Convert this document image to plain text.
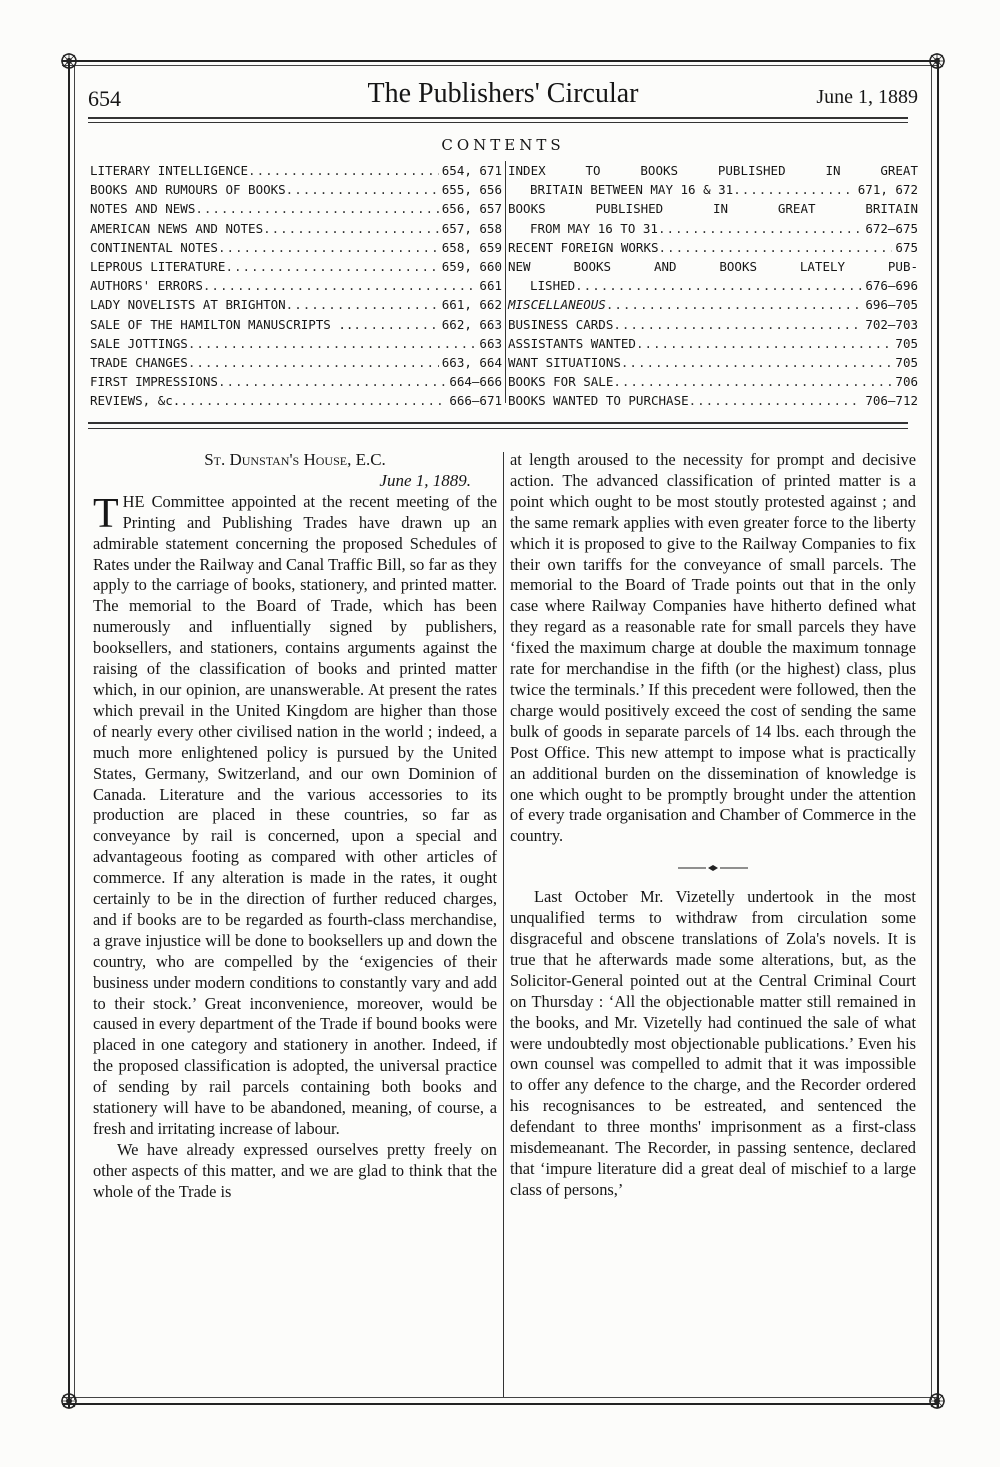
654	The Publishers' Circular	June 1, 1889
CONTENTS
LITERARY INTELLIGENCE .....	654, 671
BOOKS AND RUMOURS OF BOOKS .....	655, 656
NOTES AND NEWS .....	656, 657
AMERICAN NEWS AND NOTES .....	657, 658
CONTINENTAL NOTES .....	658, 659
LEPROUS LITERATURE .....	659, 660
AUTHORS' ERRORS .....	661
LADY NOVELISTS AT BRIGHTON .....	661, 662
SALE OF THE HAMILTON MANUSCRIPTS .. .....	662, 663
SALE JOTTINGS .....	663
TRADE CHANGES .....	663, 664
FIRST IMPRESSIONS .....	664—666
REVIEWS, &c. .....	666—671
INDEX TO BOOKS PUBLISHED IN GREAT
BRITAIN BETWEEN MAY 16 & 31 .....	671, 672
BOOKS PUBLISHED IN GREAT BRITAIN
FROM MAY 16 TO 31 .....	672—675
RECENT FOREIGN WORKS .....	675
NEW BOOKS AND BOOKS LATELY PUB-
LISHED .....	676—696
MISCELLANEOUS .....	696—705
BUSINESS CARDS .....	702—703
ASSISTANTS WANTED .....	705
WANT SITUATIONS .....	705
BOOKS FOR SALE .....	706
BOOKS WANTED TO PURCHASE .....	706—712

St. Dunstan's House, E.C.

June 1, 1889.

THE Committee appointed at the recent meeting of the Printing and Publishing Trades have drawn up an admirable statement concerning the proposed Schedules of Rates under the Railway and Canal Traffic Bill, so far as they apply to the carriage of books, stationery, and printed matter. The memorial to the Board of Trade, which has been numerously and influentially signed by publishers, booksellers, and stationers, contains arguments against the raising of the classification of books and printed matter which, in our opinion, are unanswerable. At present the rates which prevail in the United Kingdom are higher than those of nearly every other civilised nation in the world ; indeed, a much more enlightened policy is pursued by the United States, Germany, Switzerland, and our own Dominion of Canada. Literature and the various accessories to its production are placed in these countries, so far as conveyance by rail is concerned, upon a special and advantageous footing as compared with other articles of commerce. If any alteration is made in the rates, it ought certainly to be in the direction of further reduced charges, and if books are to be regarded as fourth-class merchandise, a grave injustice will be done to booksellers up and down the country, who are compelled by the ‘exigencies of their business under modern conditions to constantly vary and add to their stock.’ Great inconvenience, moreover, would be caused in every department of the Trade if bound books were placed in one category and stationery in another. Indeed, if the proposed classification is adopted, the universal practice of sending by rail parcels containing both books and stationery will have to be abandoned, meaning, of course, a fresh and irritating increase of labour.

We have already expressed ourselves pretty freely on other aspects of this matter, and we are glad to think that the whole of the Trade is

at length aroused to the necessity for prompt and decisive action. The advanced classification of printed matter is a point which ought to be most stoutly protested against ; and the same remark applies with even greater force to the liberty which it is proposed to give to the Railway Companies to fix their own tariffs for the conveyance of small parcels. The memorial to the Board of Trade points out that in the only case where Railway Companies have hitherto defined what they regard as a reasonable rate for small parcels they have ‘fixed the maximum charge at double the maximum tonnage rate for merchandise in the fifth (or the highest) class, plus twice the terminals.’ If this precedent were followed, then the charge would positively exceed the cost of sending the same bulk of goods in separate parcels of 14 lbs. each through the Post Office. This new attempt to impose what is practically an additional burden on the dissemination of knowledge is one which ought to be promptly brought under the attention of every trade organisation and Chamber of Commerce in the country.

Last October Mr. Vizetelly undertook in the most unqualified terms to withdraw from circulation some disgraceful and obscene translations of Zola's novels. It is true that he afterwards made some alterations, but, as the Solicitor-General pointed out at the Central Criminal Court on Thursday : ‘All the objectionable matter still remained in the books, and Mr. Vizetelly had continued the sale of what were undoubtedly most objectionable publications.’ Even his own counsel was compelled to admit that it was impossible to offer any defence to the charge, and the Recorder ordered his recognisances to be estreated, and sentenced the defendant to three months' imprisonment as a first-class misdemeanant. The Recorder, in passing sentence, declared that ‘impure literature did a great deal of mischief to a large class of persons,’
